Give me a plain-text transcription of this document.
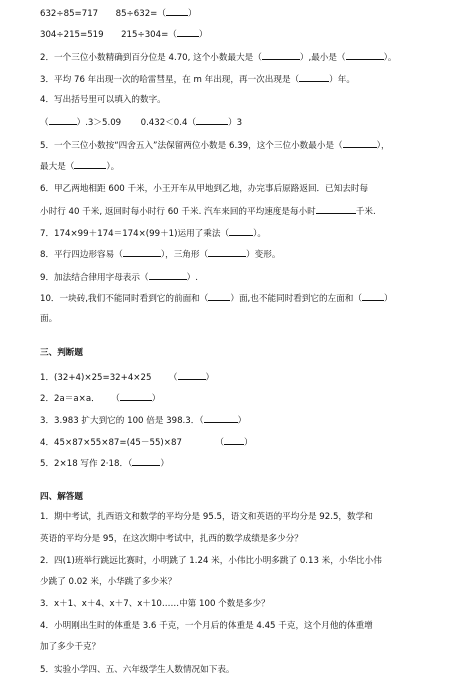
632÷85=717 85÷632=（	）
304÷215=519 215÷304=（	）
2．一个三位小数精确到百分位是 4.70, 这个小数最大是（	）,最小是（	）。
3．平均 76 年出现一次的哈雷彗星，在 m 年出现，再一次出现是（	）年。
4．写出括号里可以填入的数字。
（	）.3＞5.09 0.432＜0.4（	）3
5．一个三位小数按“四舍五入”法保留两位小数是 6.39，这个三位小数最小是（	），
最大是（	）。
6．甲乙两地相距 600 千米，小王开车从甲地到乙地，办完事后原路返回．已知去时每
小时行 40 千米, 返回时每小时行 60 千米. 汽车来回的平均速度是每小时	千米.
7．174×99＋174＝174×(99＋1)运用了乘法（	）。
8．平行四边形容易（	），三角形（	）变形。
9．加法结合律用字母表示（	）.
10．一块砖,我们不能同时看到它的前面和（	）面,也不能同时看到它的左面和（	）
面。
三、判断题
1．(32+4)×25=32+4×25 （	）
2．2a＝a×a． （	）
3．3.983 扩大到它的 100 倍是 398.3．（	）
4．45×87×55×87=(45－55)×87	（ ）
5．2×18 写作 2·18．（	）
四、解答题
1．期中考试，扎西语文和数学的平均分是 95.5，语文和英语的平均分是 92.5，数学和
英语的平均分是 95，在这次期中考试中，扎西的数学成绩是多少分？
2．四(1)班举行跳远比赛时，小明跳了 1.24 米，小伟比小明多跳了 0.13 米，小华比小伟
少跳了 0.02 米，小华跳了多少米？
3．x＋1、x＋4、x＋7、x＋10……中第 100 个数是多少？
4．小明刚出生时的体重是 3.6 千克，一个月后的体重是 4.45 千克，这个月他的体重增
加了多少千克？
5．实验小学四、五、六年级学生人数情况如下表。
